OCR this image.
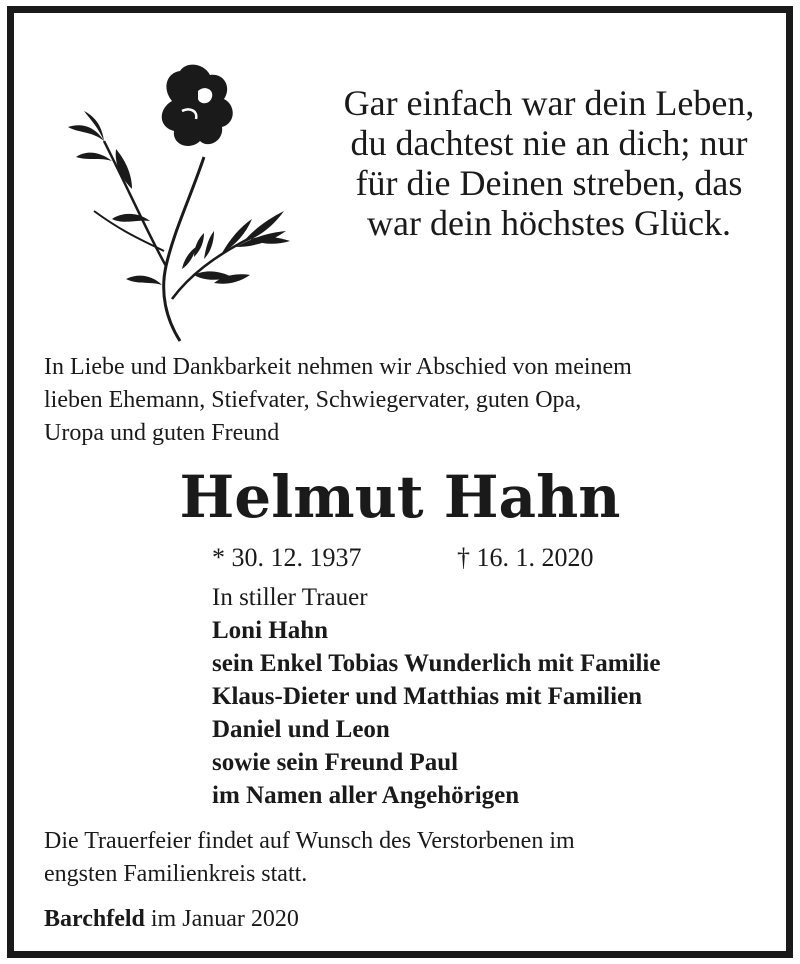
Gar einfach war dein Leben,
du dachtest nie an dich; nur
für die Deinen streben, das
war dein höchstes Glück.
In Liebe und Dankbarkeit nehmen wir Abschied von meinem
lieben Ehemann, Stiefvater, Schwiegervater, guten Opa,
Uropa und guten Freund
Helmut Hahn
* 30. 12. 1937	† 16. 1. 2020
In stiller Trauer
Loni Hahn
sein Enkel Tobias Wunderlich mit Familie
Klaus-Dieter und Matthias mit Familien
Daniel und Leon
sowie sein Freund Paul
im Namen aller Angehörigen
Die Trauerfeier findet auf Wunsch des Verstorbenen im
engsten Familienkreis statt.
Barchfeld im Januar 2020
